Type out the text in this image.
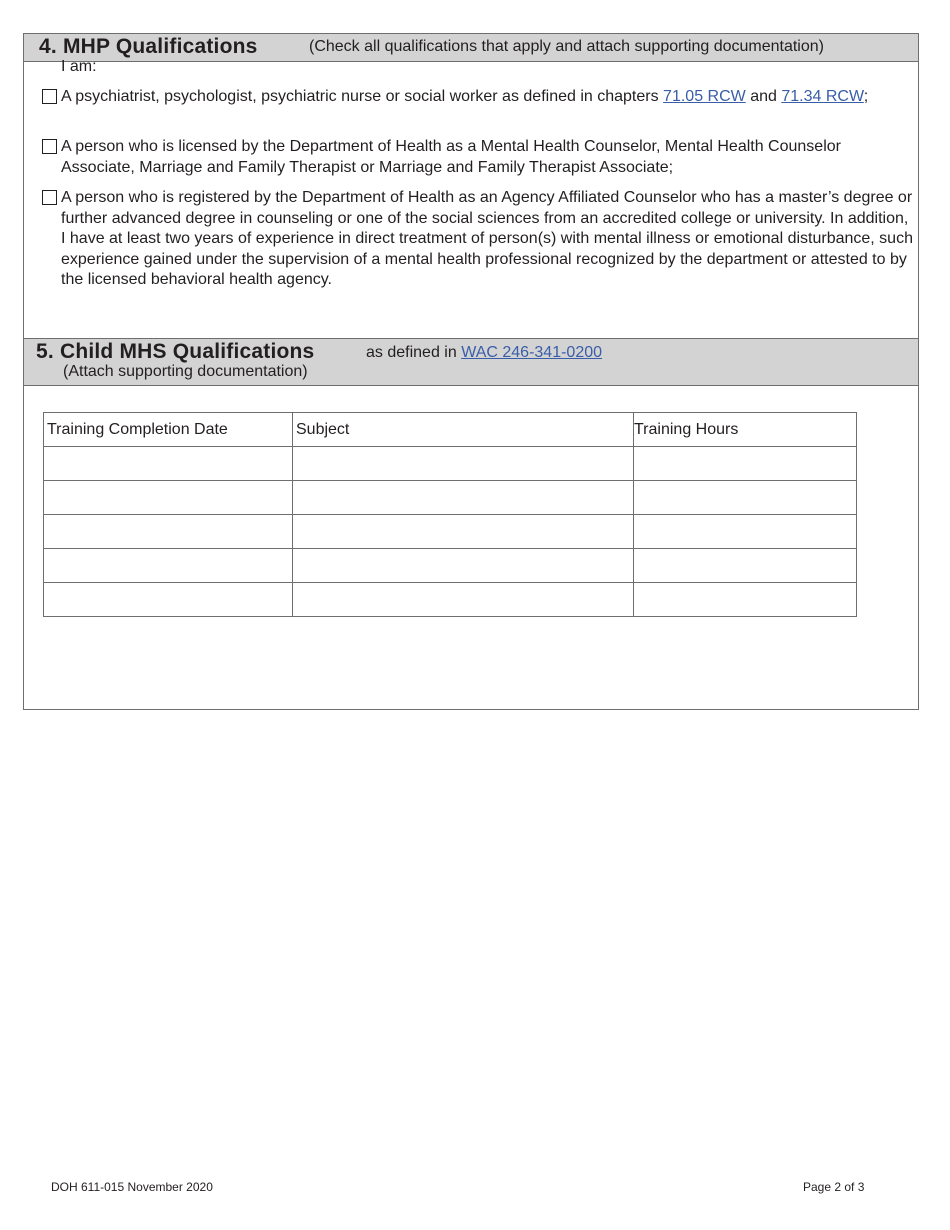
4. MHP Qualifications	(Check all qualifications that apply and attach supporting documentation)
I am:
A psychiatrist, psychologist, psychiatric nurse or social worker as defined in chapters 71.05 RCW and 71.34 RCW;
A person who is licensed by the Department of Health as a Mental Health Counselor, Mental Health Counselor Associate, Marriage and Family Therapist or Marriage and Family Therapist Associate;
A person who is registered by the Department of Health as an Agency Affiliated Counselor who has a master’s degree or further advanced degree in counseling or one of the social sciences from an accredited college or university. In addition, I have at least two years of experience in direct treatment of person(s) with mental illness or emotional disturbance, such experience gained under the supervision of a mental health professional recognized by the department or attested to by the licensed behavioral health agency.
5. Child MHS Qualifications	as defined in WAC 246-341-0200
(Attach supporting documentation)
Training Completion Date	Subject	Training Hours

DOH 611-015 November 2020	Page 2 of 3
